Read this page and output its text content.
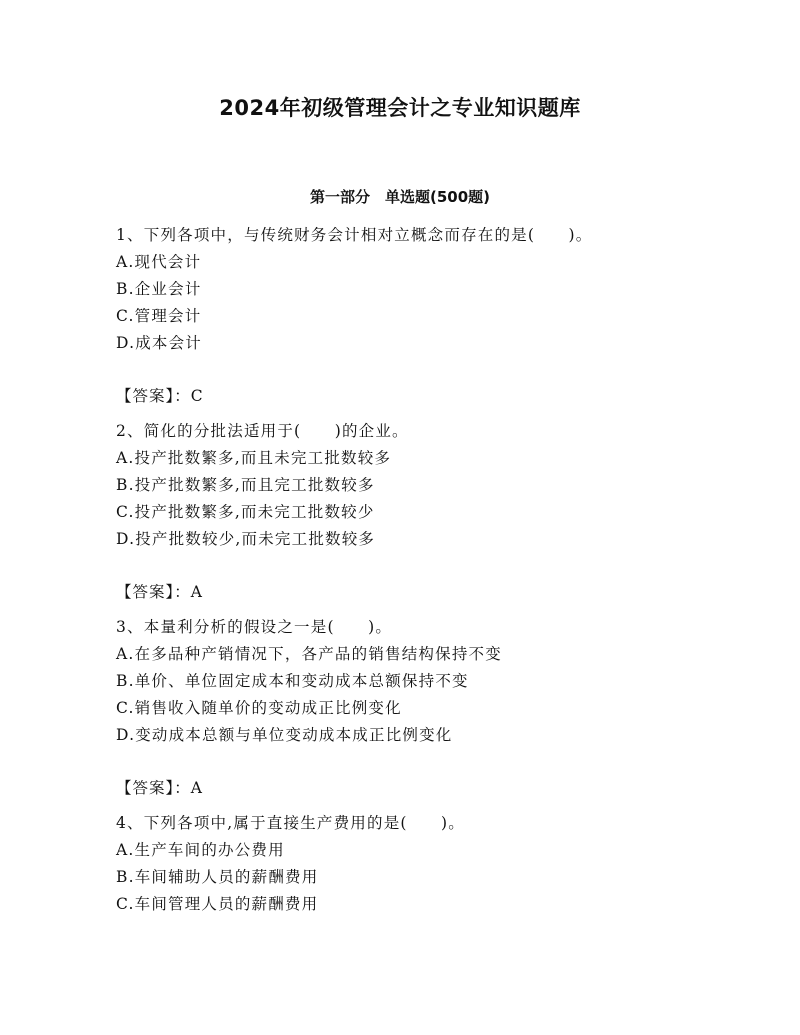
2024年初级管理会计之专业知识题库
第一部分　单选题(500题)
1、下列各项中，与传统财务会计相对立概念而存在的是(　　)。
A.现代会计
B.企业会计
C.管理会计
D.成本会计
【答案】：C
2、简化的分批法适用于(　　)的企业。
A.投产批数繁多,而且未完工批数较多
B.投产批数繁多,而且完工批数较多
C.投产批数繁多,而未完工批数较少
D.投产批数较少,而未完工批数较多
【答案】：A
3、本量利分析的假设之一是(　　)。
A.在多品种产销情况下，各产品的销售结构保持不变
B.单价、单位固定成本和变动成本总额保持不变
C.销售收入随单价的变动成正比例变化
D.变动成本总额与单位变动成本成正比例变化
【答案】：A
4、下列各项中,属于直接生产费用的是(　　)。
A.生产车间的办公费用
B.车间辅助人员的薪酬费用
C.车间管理人员的薪酬费用
